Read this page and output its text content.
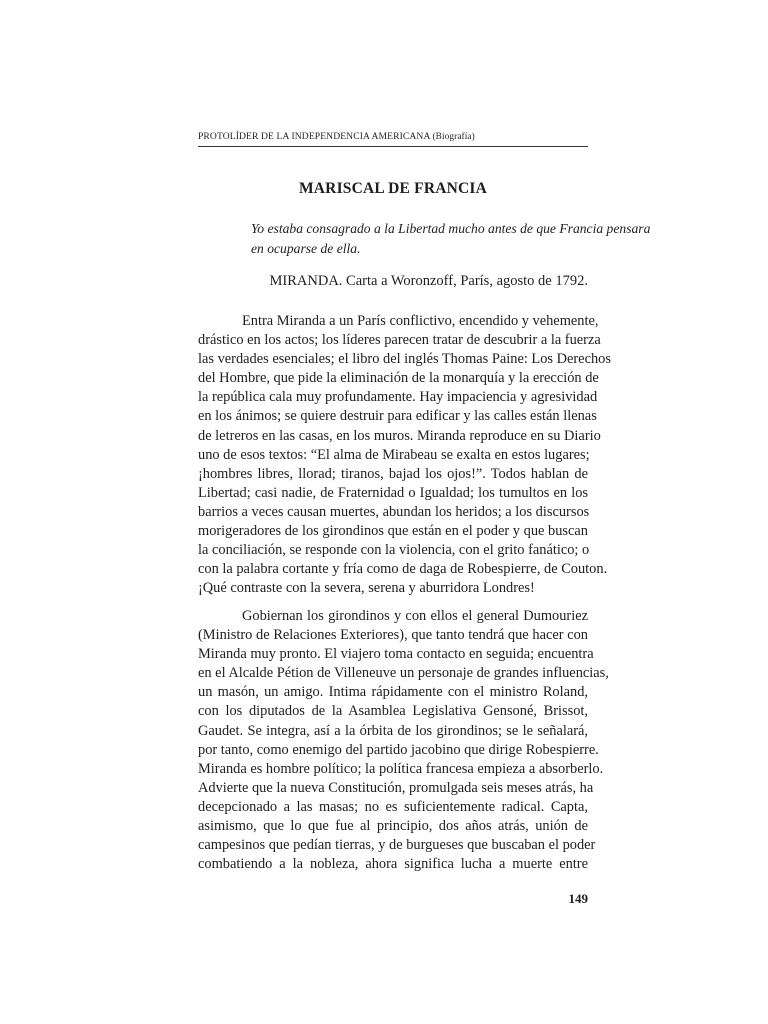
PROTOLÍDER DE LA INDEPENDENCIA AMERICANA (Biografía)
MARISCAL DE FRANCIA
Yo estaba consagrado a la Libertad mucho antes de que Francia pensara
en ocuparse de ella.
MIRANDA. Carta a Woronzoff, París, agosto de 1792.
Entra Miranda a un París conflictivo, encendido y vehemente,
drástico en los actos; los líderes parecen tratar de descubrir a la fuerza
las verdades esenciales; el libro del inglés Thomas Paine: Los Derechos
del Hombre, que pide la eliminación de la monarquía y la erección de
la república cala muy profundamente. Hay impaciencia y agresividad
en los ánimos; se quiere destruir para edificar y las calles están llenas
de letreros en las casas, en los muros. Miranda reproduce en su Diario
uno de esos textos: “El alma de Mirabeau se exalta en estos lugares;
¡hombres libres, llorad; tiranos, bajad los ojos!”. Todos hablan de
Libertad; casi nadie, de Fraternidad o Igualdad; los tumultos en los
barrios a veces causan muertes, abundan los heridos; a los discursos
morigeradores de los girondinos que están en el poder y que buscan
la conciliación, se responde con la violencia, con el grito fanático; o
con la palabra cortante y fría como de daga de Robespierre, de Couton.
¡Qué contraste con la severa, serena y aburridora Londres!
Gobiernan los girondinos y con ellos el general Dumouriez
(Ministro de Relaciones Exteriores), que tanto tendrá que hacer con
Miranda muy pronto. El viajero toma contacto en seguida; encuentra
en el Alcalde Pétion de Villeneuve un personaje de grandes influencias,
un masón, un amigo. Intima rápidamente con el ministro Roland,
con los diputados de la Asamblea Legislativa Gensoné, Brissot,
Gaudet. Se integra, así a la órbita de los girondinos; se le señalará,
por tanto, como enemigo del partido jacobino que dirige Robespierre.
Miranda es hombre político; la política francesa empieza a absorberlo.
Advierte que la nueva Constitución, promulgada seis meses atrás, ha
decepcionado a las masas; no es suficientemente radical. Capta,
asimismo, que lo que fue al principio, dos años atrás, unión de
campesinos que pedían tierras, y de burgueses que buscaban el poder
combatiendo a la nobleza, ahora significa lucha a muerte entre
149
